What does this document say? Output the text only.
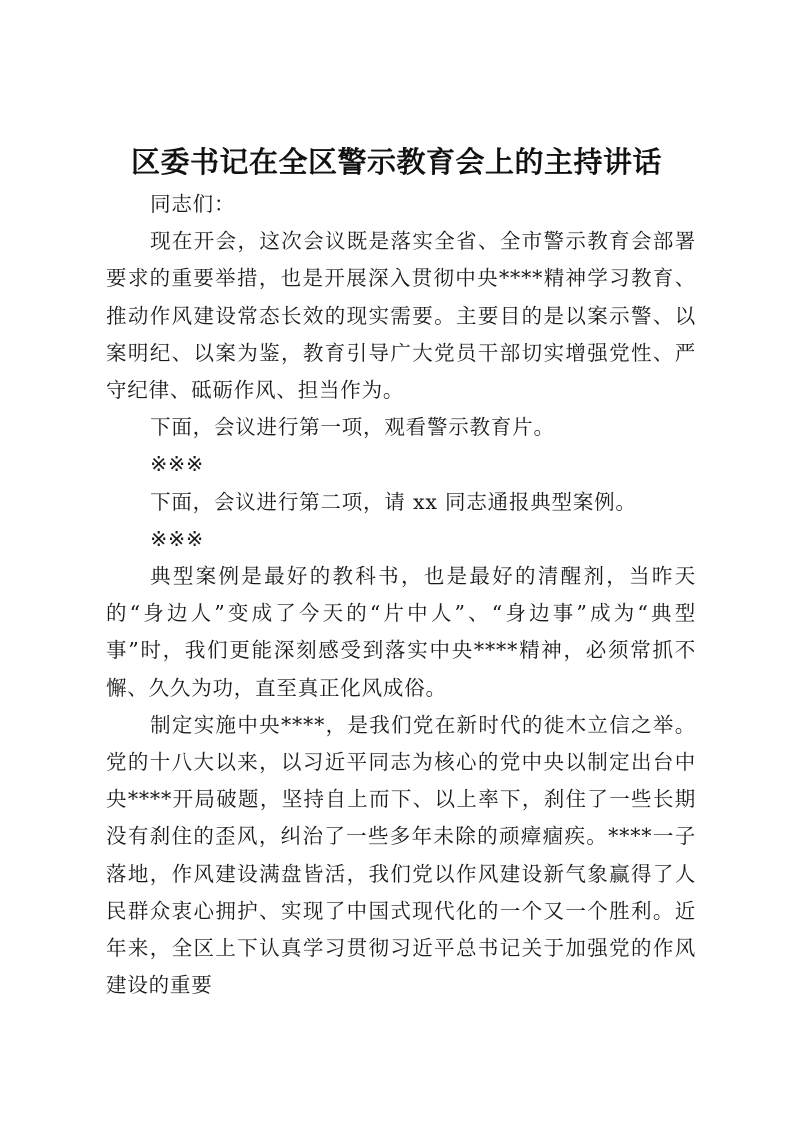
区委书记在全区警示教育会上的主持讲话

同志们：

现在开会，这次会议既是落实全省、全市警示教育会部署要求的重要举措，也是开展深入贯彻中央****精神学习教育、推动作风建设常态长效的现实需要。主要目的是以案示警、以案明纪、以案为鉴，教育引导广大党员干部切实增强党性、严守纪律、砥砺作风、担当作为。

下面，会议进行第一项，观看警示教育片。

※※※

下面，会议进行第二项，请 xx 同志通报典型案例。

※※※

典型案例是最好的教科书，也是最好的清醒剂，当昨天的“身边人”变成了今天的“片中人”、“身边事”成为“典型事”时，我们更能深刻感受到落实中央****精神，必须常抓不懈、久久为功，直至真正化风成俗。

制定实施中央****，是我们党在新时代的徙木立信之举。党的十八大以来，以习近平同志为核心的党中央以制定出台中央****开局破题，坚持自上而下、以上率下，刹住了一些长期没有刹住的歪风，纠治了一些多年未除的顽瘴痼疾。****一子落地，作风建设满盘皆活，我们党以作风建设新气象赢得了人民群众衷心拥护、实现了中国式现代化的一个又一个胜利。近年来，全区上下认真学习贯彻习近平总书记关于加强党的作风建设的重要
